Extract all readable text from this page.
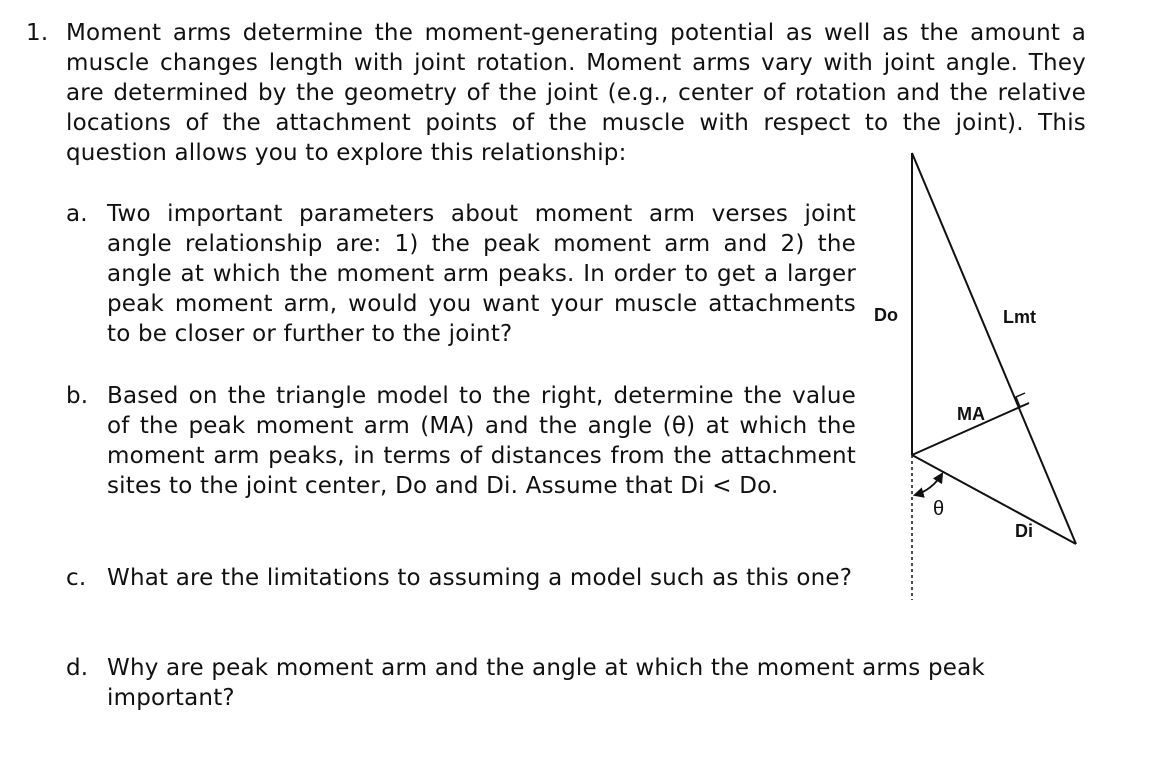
1. Moment arms determine the moment-generating potential as well as the amount a muscle changes length with joint rotation. Moment arms vary with joint angle. They are determined by the geometry of the joint (e.g., center of rotation and the relative locations of the attachment points of the muscle with respect to the joint). This question allows you to explore this relationship:
a. Two important parameters about moment arm verses joint angle relationship are: 1) the peak moment arm and 2) the angle at which the moment arm peaks. In order to get a larger peak moment arm, would you want your muscle attachments to be closer or further to the joint?
b. Based on the triangle model to the right, determine the value of the peak moment arm (MA) and the angle (θ) at which the moment arm peaks, in terms of distances from the attachment sites to the joint center, Do and Di. Assume that Di < Do.
c. What are the limitations to assuming a model such as this one?
d. Why are peak moment arm and the angle at which the moment arms peak important?
Do	Lmt
MA
θ
Di
